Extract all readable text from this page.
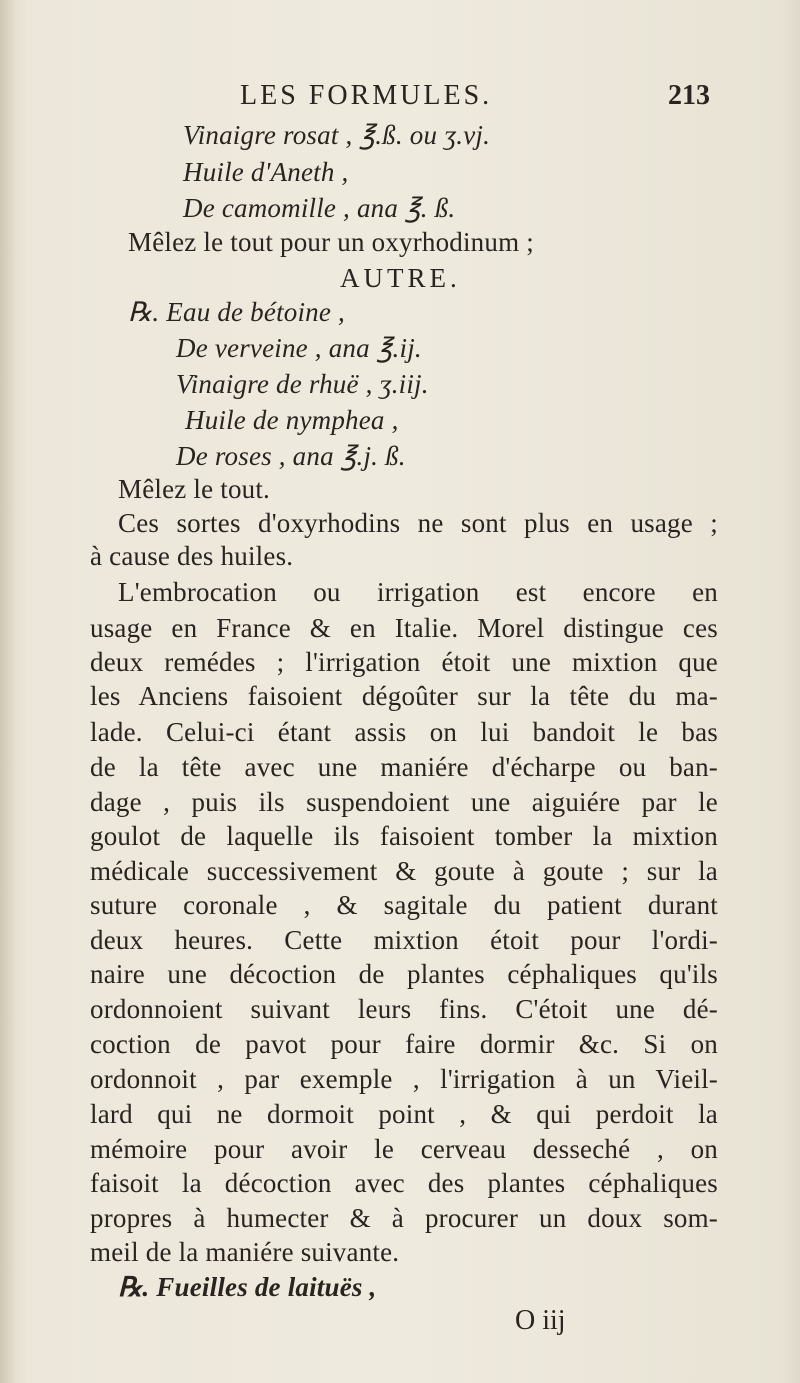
LES FORMULES.	213
Vinaigre rosat , ℥.ß. ou ʒ.vj.
Huile d'Aneth ,
De camomille , ana ℥. ß.
Mêlez le tout pour un oxyrhodinum ;
AUTRE.
℞. Eau de bétoine ,
De verveine , ana ℥.ij.
Vinaigre de rhuë , ʒ.iij.
Huile de nymphea ,
De roses , ana ℥.j. ß.
Mêlez le tout.
Ces sortes d'oxyrhodins ne sont plus en usage ;
à cause des huiles.
L'embrocation ou irrigation est encore en
usage en France & en Italie. Morel distingue ces
deux remédes ; l'irrigation étoit une mixtion que
les Anciens faisoient dégoûter sur la tête du ma-
lade. Celui-ci étant assis on lui bandoit le bas
de la tête avec une maniére d'écharpe ou ban-
dage , puis ils suspendoient une aiguiére par le
goulot de laquelle ils faisoient tomber la mixtion
médicale successivement & goute à goute ; sur la
suture coronale , & sagitale du patient durant
deux heures. Cette mixtion étoit pour l'ordi-
naire une décoction de plantes céphaliques qu'ils
ordonnoient suivant leurs fins. C'étoit une dé-
coction de pavot pour faire dormir &c. Si on
ordonnoit , par exemple , l'irrigation à un Vieil-
lard qui ne dormoit point , & qui perdoit la
mémoire pour avoir le cerveau desseché , on
faisoit la décoction avec des plantes céphaliques
propres à humecter & à procurer un doux som-
meil de la maniére suivante.
℞. Fueilles de laituës ,
O iij
